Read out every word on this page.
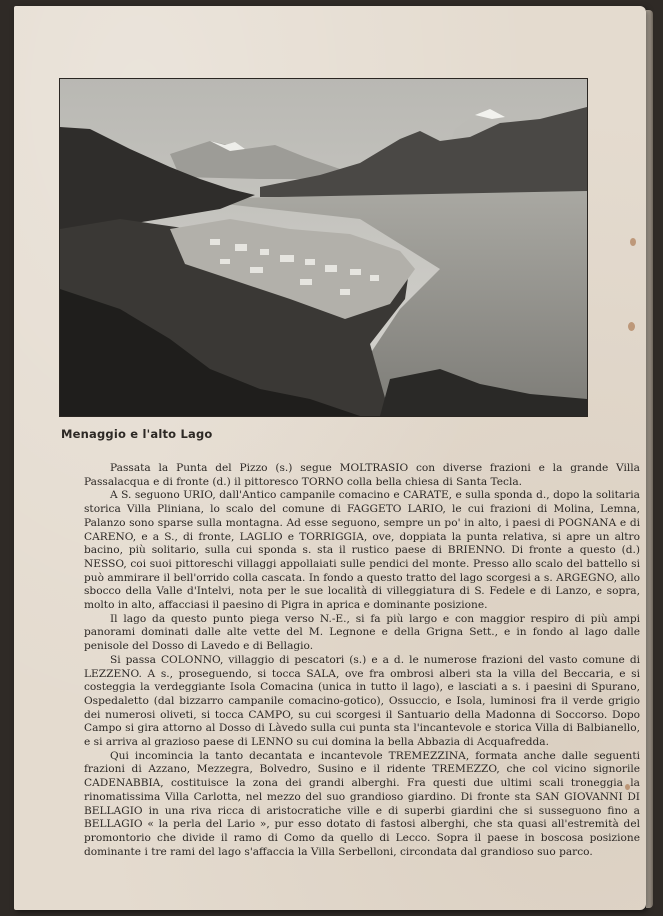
Menaggio e l'alto Lago

Passata la Punta del Pizzo (s.) segue MOLTRASIO con diverse frazioni e la grande Villa Passalacqua e di fronte (d.) il pittoresco TORNO colla bella chiesa di Santa Tecla.

A S. seguono URIO, dall'Antico campanile comacino e CARATE, e sulla sponda d., dopo la solitaria storica Villa Pliniana, lo scalo del comune di FAGGETO LARIO, le cui frazioni di Molina, Lemna, Palanzo sono sparse sulla montagna. Ad esse seguono, sempre un po' in alto, i paesi di POGNANA e di CARENO, e a S., di fronte, LAGLIO e TORRIGGIA, ove, doppiata la punta relativa, si apre un altro bacino, più solitario, sulla cui sponda s. sta il rustico paese di BRIENNO. Di fronte a questo (d.) NESSO, coi suoi pittoreschi villaggi appollaiati sulle pendici del monte. Presso allo scalo del battello si può ammirare il bell'orrido colla cascata. In fondo a questo tratto del lago scorgesi a s. ARGEGNO, allo sbocco della Valle d'Intelvi, nota per le sue località di villeggiatura di S. Fedele e di Lanzo, e sopra, molto in alto, affacciasi il paesino di Pigra in aprica e dominante posizione.

Il lago da questo punto piega verso N.-E., si fa più largo e con maggior respiro di più ampi panorami dominati dalle alte vette del M. Legnone e della Grigna Sett., e in fondo al lago dalle penisole del Dosso di Lavedo e di Bellagio.

Si passa COLONNO, villaggio di pescatori (s.) e a d. le numerose frazioni del vasto comune di LEZZENO. A s., proseguendo, si tocca SALA, ove fra ombrosi alberi sta la villa del Beccaria, e si costeggia la verdeggiante Isola Comacina (unica in tutto il lago), e lasciati a s. i paesini di Spurano, Ospedaletto (dal bizzarro campanile comacino-gotico), Ossuccio, e Isola, luminosi fra il verde grigio dei numerosi oliveti, si tocca CAMPO, su cui scorgesi il Santuario della Madonna di Soccorso. Dopo Campo si gira attorno al Dosso di Làvedo sulla cui punta sta l'incantevole e storica Villa di Balbianello, e si arriva al grazioso paese di LENNO su cui domina la bella Abbazia di Acquafredda.

Qui incomincia la tanto decantata e incantevole TREMEZZINA, formata anche dalle seguenti frazioni di Azzano, Mezzegra, Bolvedro, Susino e il ridente TREMEZZO, che col vicino signorile CADENABBIA, costituisce la zona dei grandi alberghi. Fra questi due ultimi scali troneggia la rinomatissima Villa Carlotta, nel mezzo del suo grandioso giardino. Di fronte sta SAN GIOVANNI DI BELLAGIO in una riva ricca di aristocratiche ville e di superbi giardini che si susseguono fino a BELLAGIO « la perla del Lario », pur esso dotato di fastosi alberghi, che sta quasi all'estremità del promontorio che divide il ramo di Como da quello di Lecco. Sopra il paese in boscosa posizione dominante i tre rami del lago s'affaccia la Villa Serbelloni, circondata dal grandioso suo parco.
